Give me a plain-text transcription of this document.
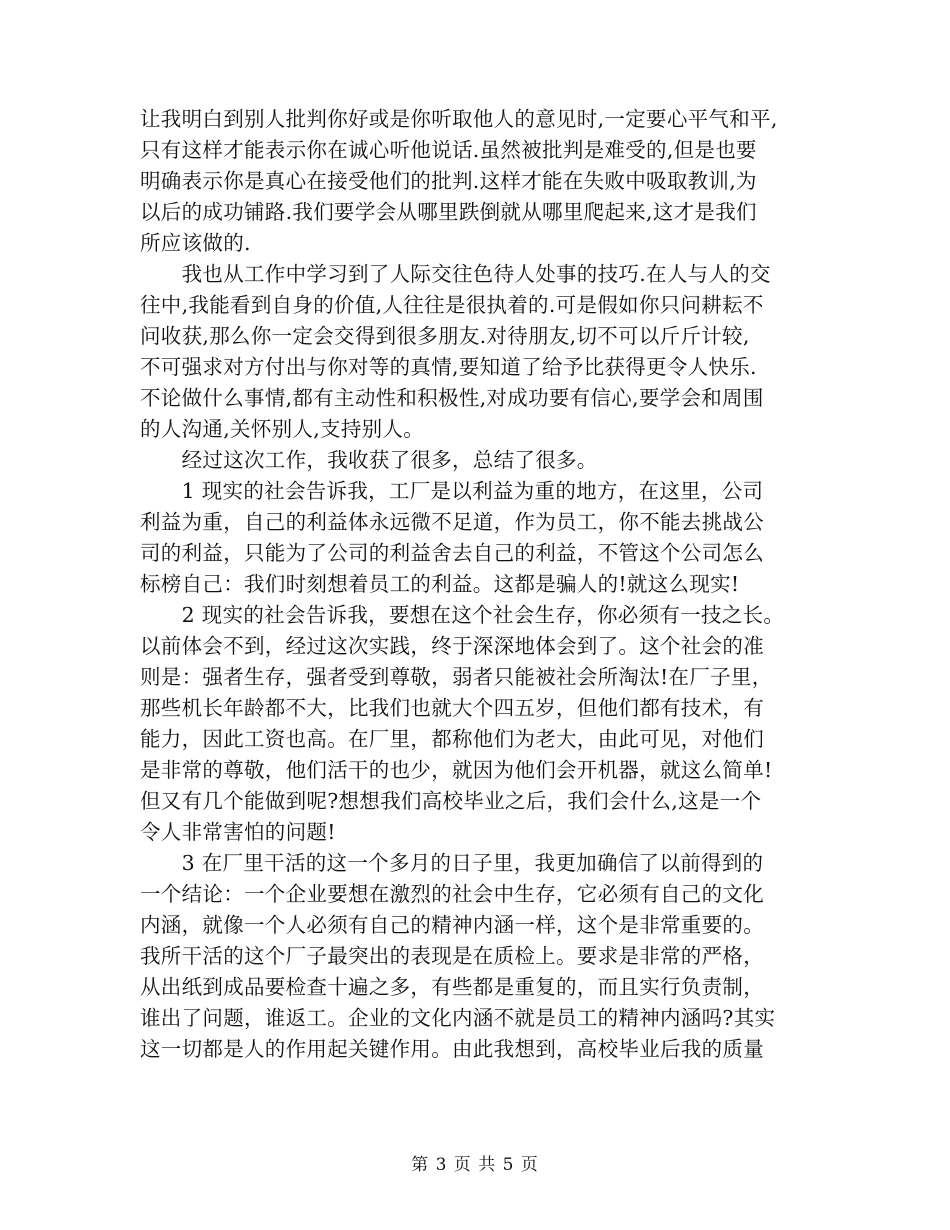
让我明白到别人批判你好或是你听取他人的意见时,一定要心平气和平,
只有这样才能表示你在诚心听他说话.虽然被批判是难受的,但是也要
明确表示你是真心在接受他们的批判.这样才能在失败中吸取教训,为
以后的成功铺路.我们要学会从哪里跌倒就从哪里爬起来,这才是我们
所应该做的.
　　我也从工作中学习到了人际交往色待人处事的技巧.在人与人的交
往中,我能看到自身的价值,人往往是很执着的.可是假如你只问耕耘不
问收获,那么你一定会交得到很多朋友.对待朋友,切不可以斤斤计较,
不可强求对方付出与你对等的真情,要知道了给予比获得更令人快乐.
不论做什么事情,都有主动性和积极性,对成功要有信心,要学会和周围
的人沟通,关怀别人,支持别人。
　　经过这次工作，我收获了很多，总结了很多。
　　1 现实的社会告诉我，工厂是以利益为重的地方，在这里，公司
利益为重，自己的利益体永远微不足道，作为员工，你不能去挑战公
司的利益，只能为了公司的利益舍去自己的利益，不管这个公司怎么
标榜自己：我们时刻想着员工的利益。这都是骗人的!就这么现实!
　　2 现实的社会告诉我，要想在这个社会生存，你必须有一技之长。
以前体会不到，经过这次实践，终于深深地体会到了。这个社会的准
则是：强者生存，强者受到尊敬，弱者只能被社会所淘汰!在厂子里，
那些机长年龄都不大，比我们也就大个四五岁，但他们都有技术，有
能力，因此工资也高。在厂里，都称他们为老大，由此可见，对他们
是非常的尊敬，他们活干的也少，就因为他们会开机器，就这么简单!
但又有几个能做到呢?想想我们高校毕业之后，我们会什么,这是一个
令人非常害怕的问题!
　　3 在厂里干活的这一个多月的日子里，我更加确信了以前得到的
一个结论：一个企业要想在激烈的社会中生存，它必须有自己的文化
内涵，就像一个人必须有自己的精神内涵一样，这个是非常重要的。
我所干活的这个厂子最突出的表现是在质检上。要求是非常的严格，
从出纸到成品要检查十遍之多，有些都是重复的，而且实行负责制，
谁出了问题，谁返工。企业的文化内涵不就是员工的精神内涵吗?其实
这一切都是人的作用起关键作用。由此我想到，高校毕业后我的质量
第 3 页 共 5 页
